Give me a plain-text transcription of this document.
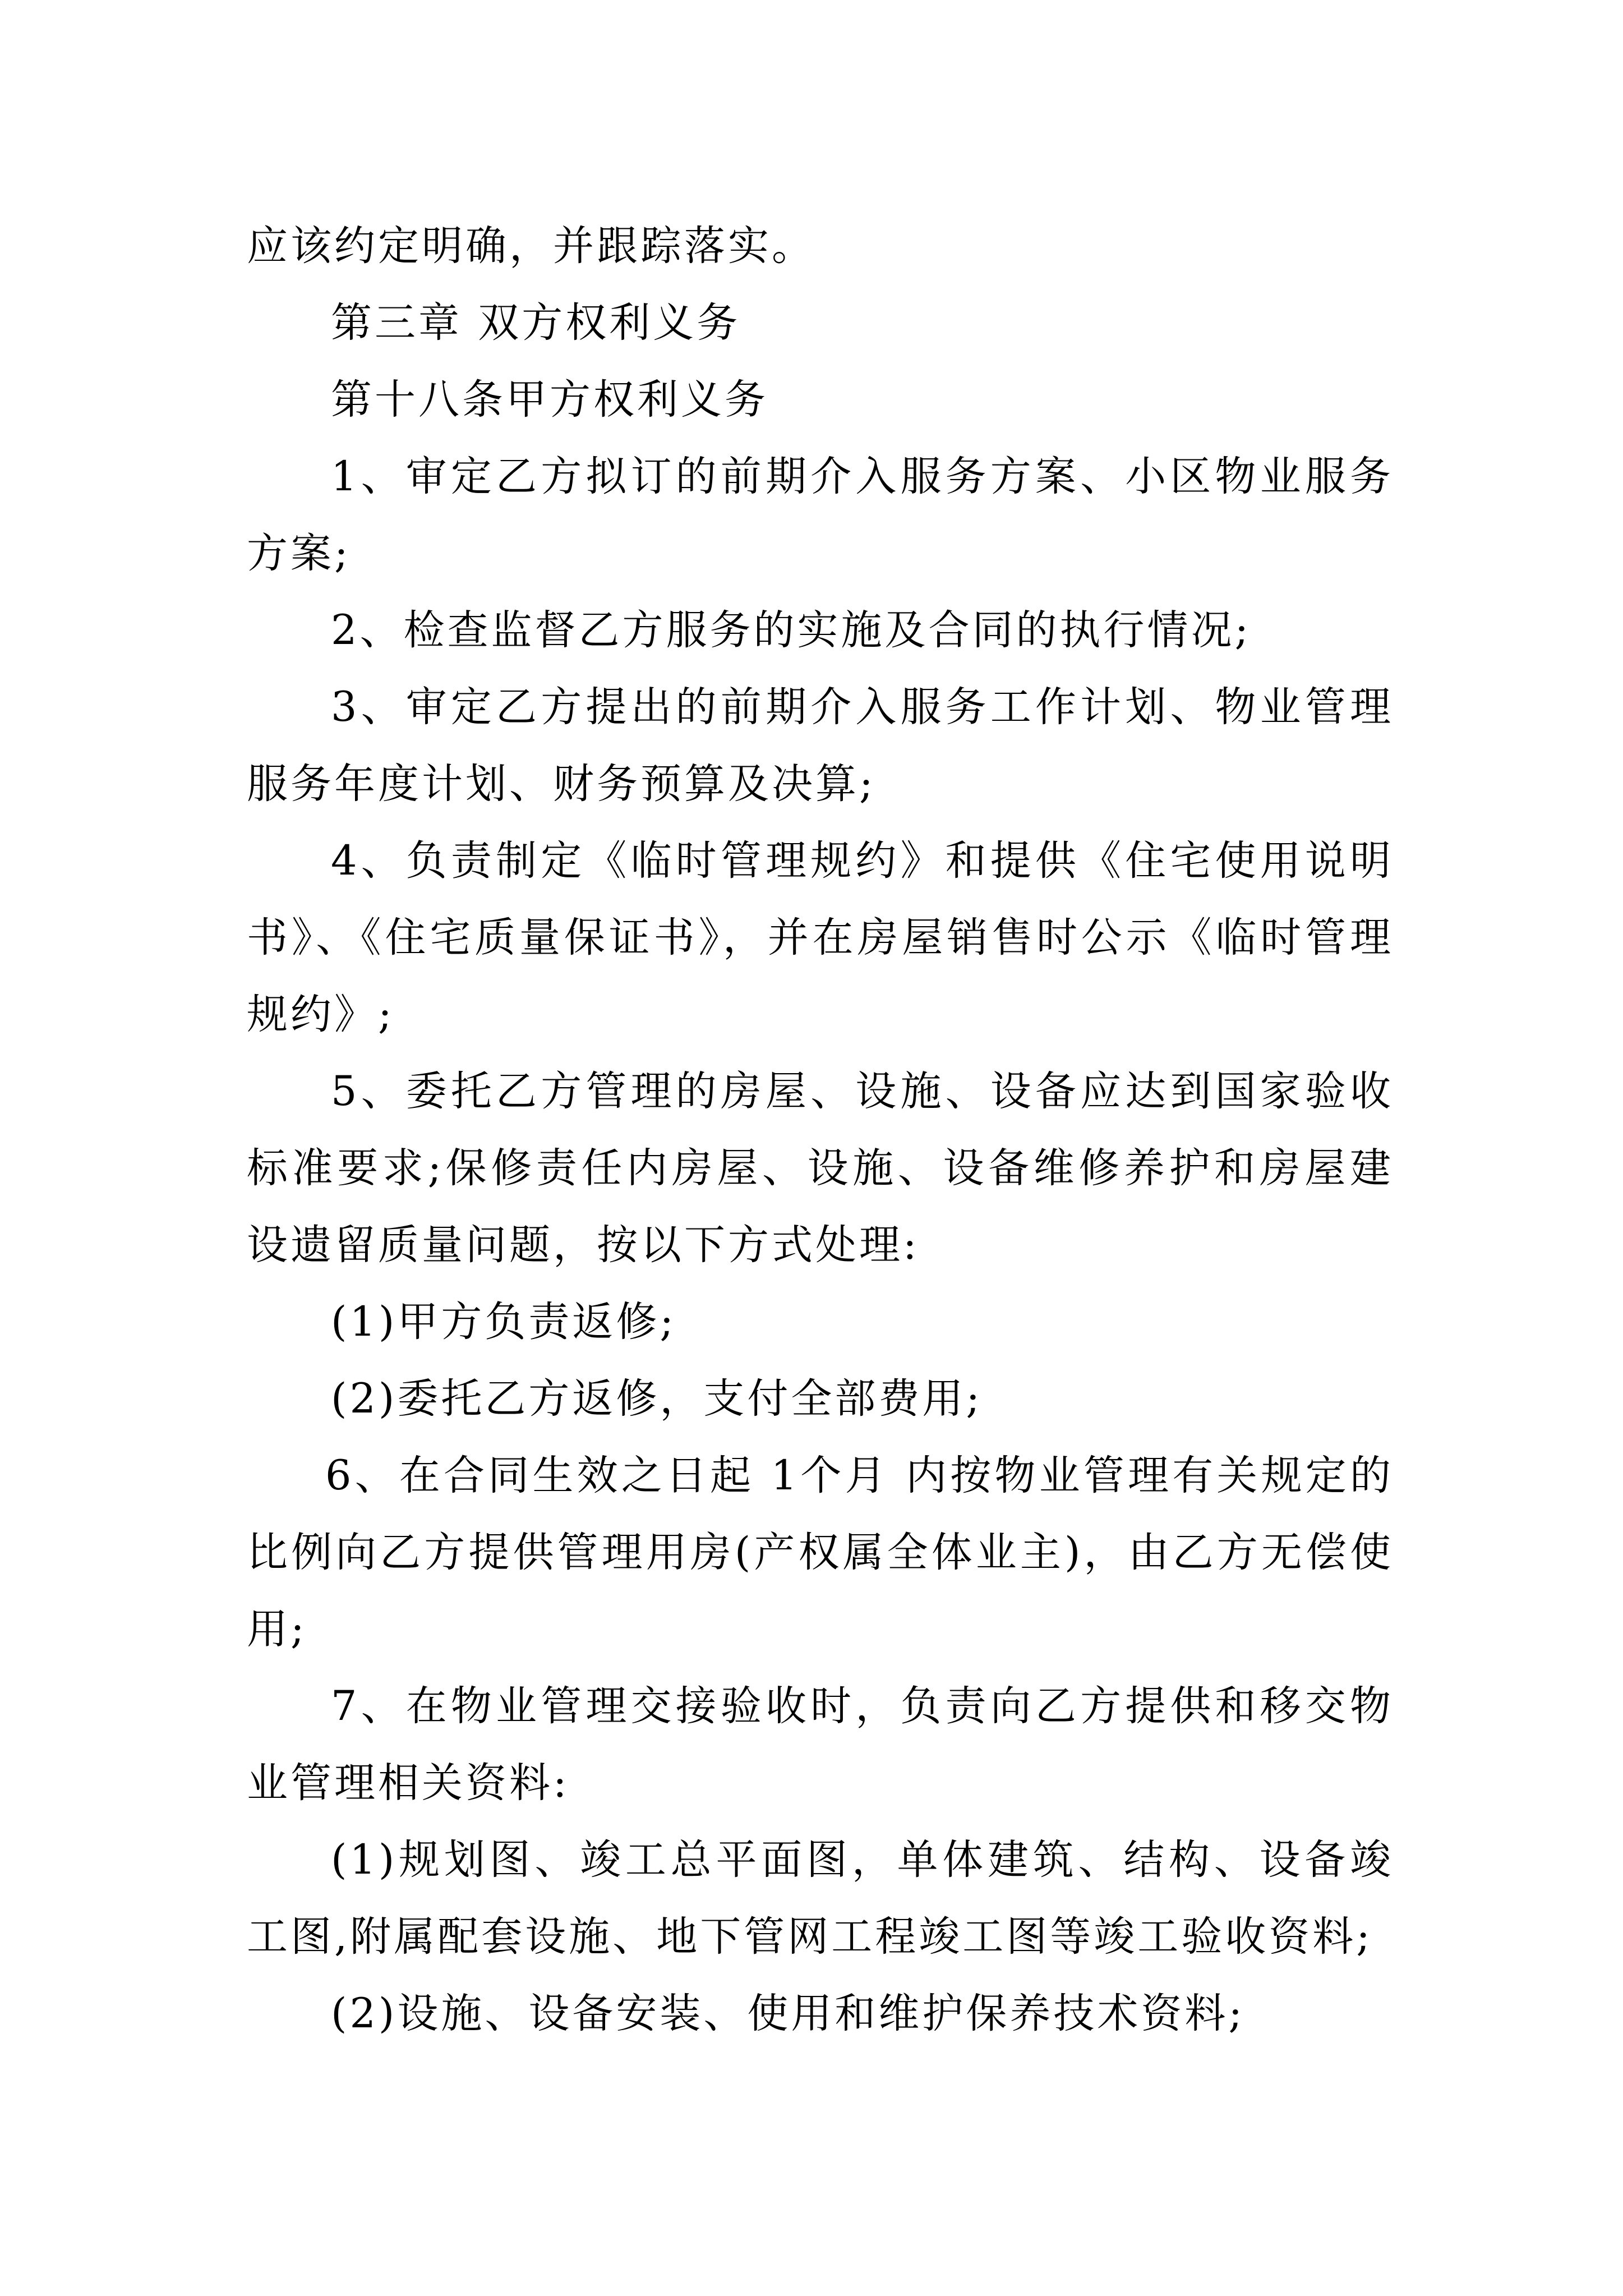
应该约定明确，并跟踪落实。

第三章 双方权利义务

第十八条甲方权利义务

1、审定乙方拟订的前期介入服务方案、小区物业服务方案;

2、检查监督乙方服务的实施及合同的执行情况;

3、审定乙方提出的前期介入服务工作计划、物业管理服务年度计划、财务预算及决算;

4、负责制定《临时管理规约》和提供《住宅使用说明书》、《住宅质量保证书》，并在房屋销售时公示《临时管理规约》;

5、委托乙方管理的房屋、设施、设备应达到国家验收标准要求;保修责任内房屋、设施、设备维修养护和房屋建设遗留质量问题，按以下方式处理:

(1)甲方负责返修;

(2)委托乙方返修，支付全部费用;

6、在合同生效之日起 1个月 内按物业管理有关规定的比例向乙方提供管理用房(产权属全体业主)，由乙方无偿使用;

7、在物业管理交接验收时，负责向乙方提供和移交物业管理相关资料:

(1)规划图、竣工总平面图，单体建筑、结构、设备竣工图,附属配套设施、地下管网工程竣工图等竣工验收资料;

(2)设施、设备安装、使用和维护保养技术资料;
